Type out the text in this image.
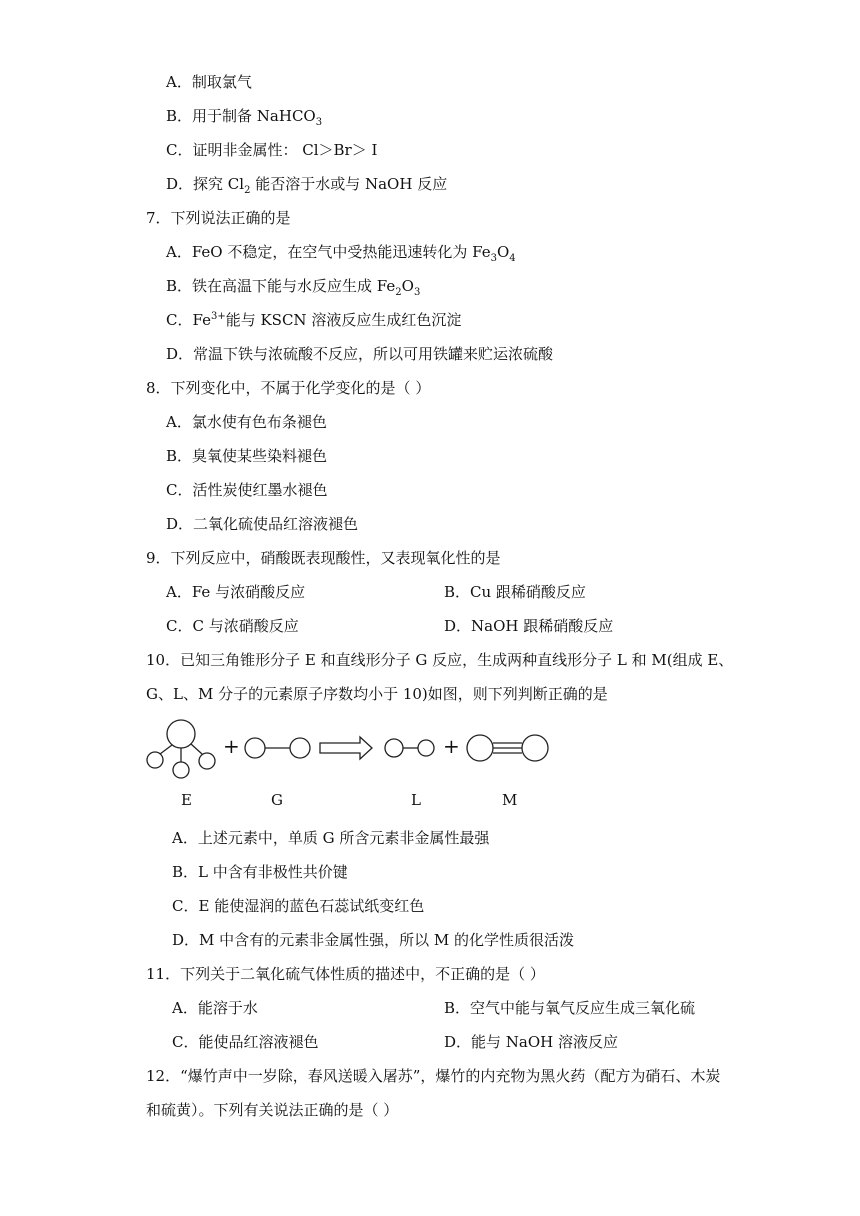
A．制取氯气
B．用于制备 NaHCO$_3$
C．证明非金属性： Cl＞Br＞ I
D．探究 $Cl_2$ 能否溶于水或与 NaOH 反应
7．下列说法正确的是
A．FeO 不稳定，在空气中受热能迅速转化为 $Fe_3O_4$
B．铁在高温下能与水反应生成 $Fe_2O_3$
C．$Fe^{3+}$能与 KSCN 溶液反应生成红色沉淀
D．常温下铁与浓硫酸不反应，所以可用铁罐来贮运浓硫酸
8．下列变化中，不属于化学变化的是（ ）
A．氯水使有色布条褪色
B．臭氧使某些染料褪色
C．活性炭使红墨水褪色
D．二氧化硫使品红溶液褪色
9．下列反应中，硝酸既表现酸性，又表现氧化性的是
A．Fe 与浓硝酸反应	B．Cu 跟稀硝酸反应
C．C 与浓硝酸反应	D．NaOH 跟稀硝酸反应
10．已知三角锥形分子 E 和直线形分子 G 反应，生成两种直线形分子 L 和 M(组成 E、
G、L、M 分子的元素原子序数均小于 10)如图，则下列判断正确的是
+	+
E	G	L	M
A．上述元素中，单质 G 所含元素非金属性最强
B．L 中含有非极性共价键
C．E 能使湿润的蓝色石蕊试纸变红色
D．M 中含有的元素非金属性强，所以 M 的化学性质很活泼
11．下列关于二氧化硫气体性质的描述中，不正确的是（ ）
A．能溶于水	B．空气中能与氧气反应生成三氧化硫
C．能使品红溶液褪色	D．能与 NaOH 溶液反应
12．“爆竹声中一岁除，春风送暖入屠苏”，爆竹的内充物为黑火药（配方为硝石、木炭
和硫黄）。下列有关说法正确的是（ ）
